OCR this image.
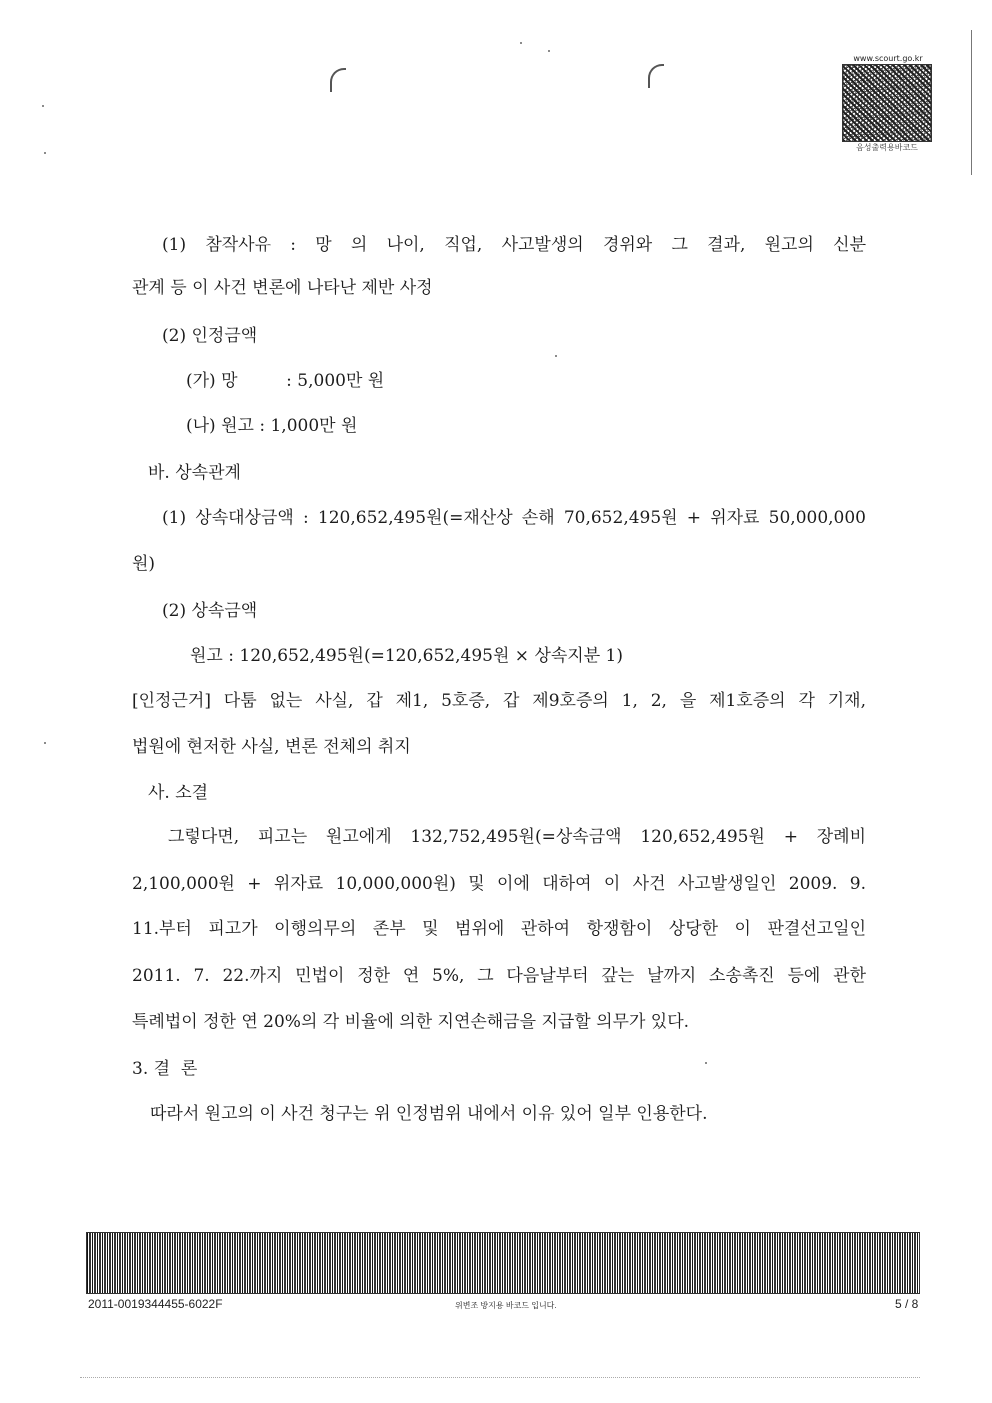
www.scourt.go.kr
음성출력용바코드
(1) 참작사유 : 망 의 나이, 직업, 사고발생의 경위와 그 결과, 원고의 신분
관계 등 이 사건 변론에 나타난 제반 사정
(2) 인정금액
(가) 망         : 5,000만 원
(나) 원고 : 1,000만 원
바. 상속관계
(1) 상속대상금액 : 120,652,495원(=재산상 손해 70,652,495원 + 위자료 50,000,000
원)
(2) 상속금액
원고 : 120,652,495원(=120,652,495원 × 상속지분 1)
[인정근거] 다툼 없는 사실, 갑 제1, 5호증, 갑 제9호증의 1, 2, 을 제1호증의 각 기재,
법원에 현저한 사실, 변론 전체의 취지
사. 소결
그렇다면, 피고는 원고에게 132,752,495원(=상속금액 120,652,495원 + 장례비
2,100,000원 + 위자료 10,000,000원) 및 이에 대하여 이 사건 사고발생일인 2009. 9.
11.부터 피고가 이행의무의 존부 및 범위에 관하여 항쟁함이 상당한 이 판결선고일인
2011. 7. 22.까지 민법이 정한 연 5%, 그 다음날부터 갚는 날까지 소송촉진 등에 관한
특례법이 정한 연 20%의 각 비율에 의한 지연손해금을 지급할 의무가 있다.
3. 결  론
따라서 원고의 이 사건 청구는 위 인정범위 내에서 이유 있어 일부 인용한다.
2011-0019344455-6022F	위변조 방지용 바코드 입니다.	5 / 8
